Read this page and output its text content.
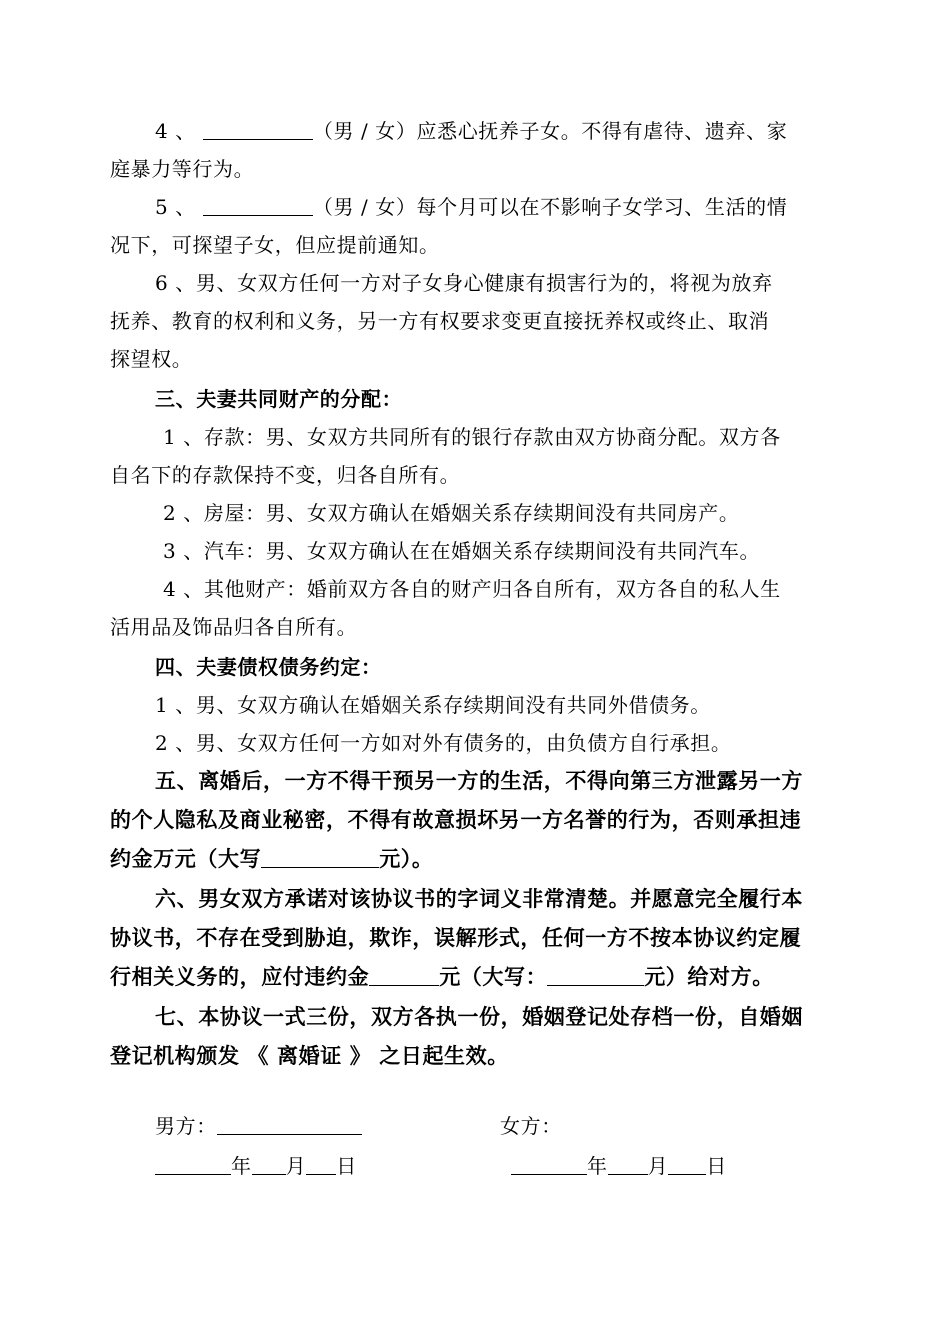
4 、	（男 / 女）应悉心抚养子女。不得有虐待、遗弃、家
庭暴力等行为。
5 、	（男 / 女）每个月可以在不影响子女学习、生活的情
况下，可探望子女，但应提前通知。
6 、男、女双方任何一方对子女身心健康有损害行为的，将视为放弃
抚养、教育的权利和义务，另一方有权要求变更直接抚养权或终止、取消
探望权。
三、夫妻共同财产的分配：
1 、存款：男、女双方共同所有的银行存款由双方协商分配。双方各
自名下的存款保持不变，归各自所有。
2 、房屋：男、女双方确认在婚姻关系存续期间没有共同房产。
3 、汽车：男、女双方确认在在婚姻关系存续期间没有共同汽车。
4 、其他财产：婚前双方各自的财产归各自所有，双方各自的私人生
活用品及饰品归各自所有。
四、夫妻债权债务约定：
1 、男、女双方确认在婚姻关系存续期间没有共同外借债务。
2 、男、女双方任何一方如对外有债务的，由负债方自行承担。
五、离婚后，一方不得干预另一方的生活，不得向第三方泄露另一方
的个人隐私及商业秘密，不得有故意损坏另一方名誉的行为，否则承担违
约金万元（大写	元）。
六、男女双方承诺对该协议书的字词义非常清楚。并愿意完全履行本
协议书，不存在受到胁迫，欺诈，误解形式，任何一方不按本协议约定履
行相关义务的，应付违约金	元（大写：	元）给对方。
七、本协议一式三份，双方各执一份，婚姻登记处存档一份，自婚姻
登记机构颁发 《 离婚证 》 之日起生效。
男方：	女方：
年 月 日	年 月 日
